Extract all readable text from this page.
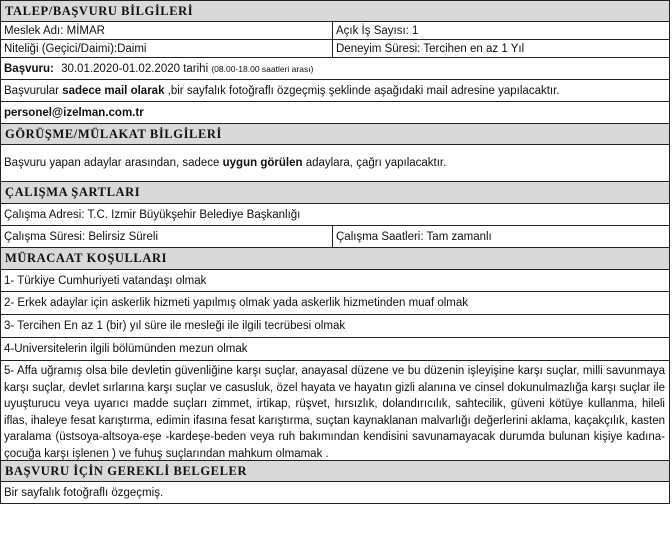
TALEP/BAŞVURU BİLGİLERİ
Meslek Adı: MİMAR	Açık İş Sayısı: 1
Niteliği (Geçici/Daimi):Daimi	Deneyim Süresi: Tercihen en az 1 Yıl
Başvuru: 30.01.2020-01.02.2020 tarihi (08.00-18.00 saatleri arası)
Başvurular sadece mail olarak ,bir sayfalık fotoğraflı özgeçmiş şeklinde aşağıdaki mail adresine yapılacaktır.
personel@izelman.com.tr
GÖRÜŞME/MÜLAKAT BİLGİLERİ
Başvuru yapan adaylar arasından, sadece uygun görülen adaylara, çağrı yapılacaktır.
ÇALIŞMA ŞARTLARI
Çalışma Adresi: T.C. İzmir Büyükşehir Belediye Başkanlığı
Çalışma Süresi: Belirsiz Süreli	Çalışma Saatleri: Tam zamanlı
MÜRACAAT KOŞULLARI
1- Türkiye Cumhuriyeti vatandaşı olmak
2- Erkek adaylar için askerlik hizmeti yapılmış olmak yada askerlik hizmetinden muaf olmak
3- Tercihen En az 1 (bir) yıl süre ile mesleği ile ilgili tecrübesi olmak
4-Üniversitelerin ilgili bölümünden mezun olmak
5- Affa uğramış olsa bile devletin güvenliğine karşı suçlar, anayasal düzene ve bu düzenin işleyişine karşı suçlar, milli savunmaya karşı suçlar, devlet sırlarına karşı suçlar ve casusluk, özel hayata ve hayatın gizli alanına ve cinsel dokunulmazlığa karşı suçlar ile uyuşturucu veya uyarıcı madde suçları zimmet, irtikap, rüşvet, hırsızlık, dolandırıcılık, sahtecilik, güveni kötüye kullanma, hileli iflas, ihaleye fesat karıştırma, edimin ifasına fesat karıştırma, suçtan kaynaklanan malvarlığı değerlerini aklama, kaçakçılık, kasten yaralama (üstsoya-altsoya-eşe -kardeşe-beden veya ruh bakımından kendisini savunamayacak durumda bulunan kişiye kadına- çocuğa karşı işlenen ) ve fuhuş suçlarından mahkum olmamak .
BAŞVURU İÇİN GEREKLİ BELGELER
Bir sayfalık fotoğraflı özgeçmiş.
